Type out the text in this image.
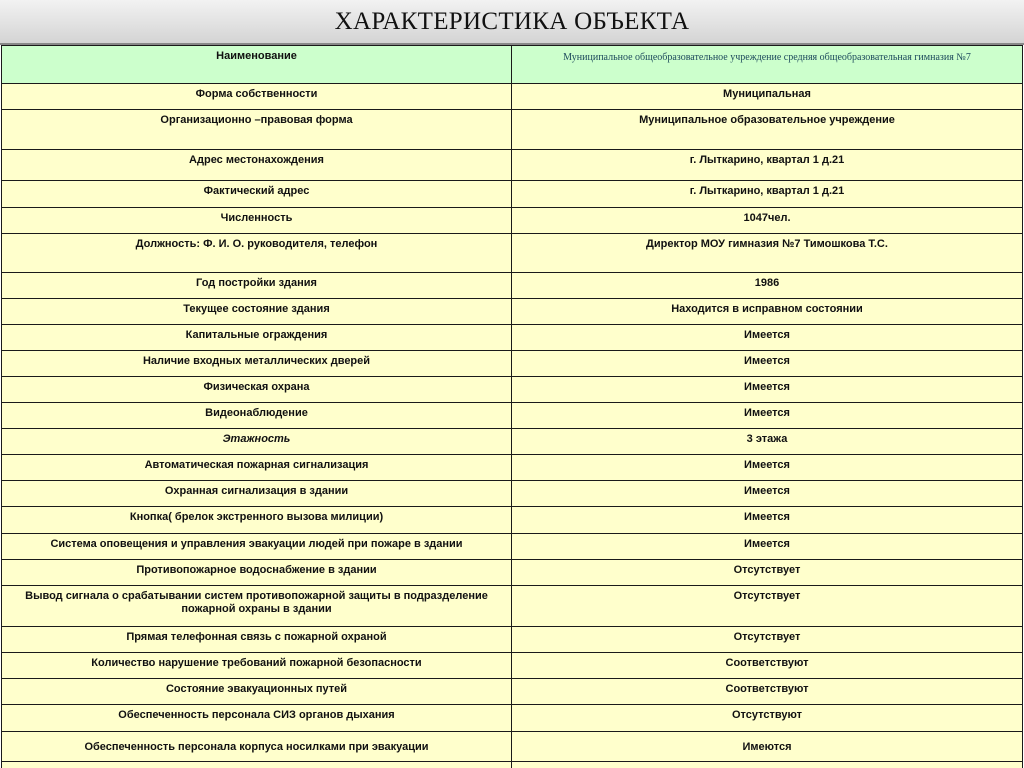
ХАРАКТЕРИСТИКА ОБЪЕКТА
Наименование	Муниципальное общеобразовательное учреждение средняя общеобразовательная гимназия №7
Форма собственности	Муниципальная
Организационно –правовая форма	Муниципальное образовательное учреждение
Адрес местонахождения	г. Лыткарино, квартал 1 д.21
Фактический адрес	г. Лыткарино, квартал 1 д.21
Численность	1047чел.
Должность: Ф. И. О. руководителя, телефон	Директор МОУ гимназия №7 Тимошкова Т.С.
Год постройки здания	1986
Текущее состояние здания	Находится в исправном состоянии
Капитальные ограждения	Имеется
Наличие входных металлических дверей	Имеется
Физическая охрана	Имеется
Видеонаблюдение	Имеется
Этажность	3 этажа
Автоматическая пожарная сигнализация	Имеется
Охранная сигнализация в здании	Имеется
Кнопка( брелок экстренного вызова милиции)	Имеется
Система оповещения и управления эвакуации людей при пожаре в здании	Имеется
Противопожарное водоснабжение в здании	Отсутствует
Вывод сигнала о срабатывании систем противопожарной защиты в подразделение пожарной охраны в здании	Отсутствует
Прямая телефонная связь с пожарной охраной	Отсутствует
Количество нарушение требований пожарной безопасности	Соответствуют
Состояние эвакуационных путей	Соответствуют
Обеспеченность персонала СИЗ органов дыхания	Отсутствуют
Обеспеченность персонала корпуса носилками при эвакуации	Имеются
